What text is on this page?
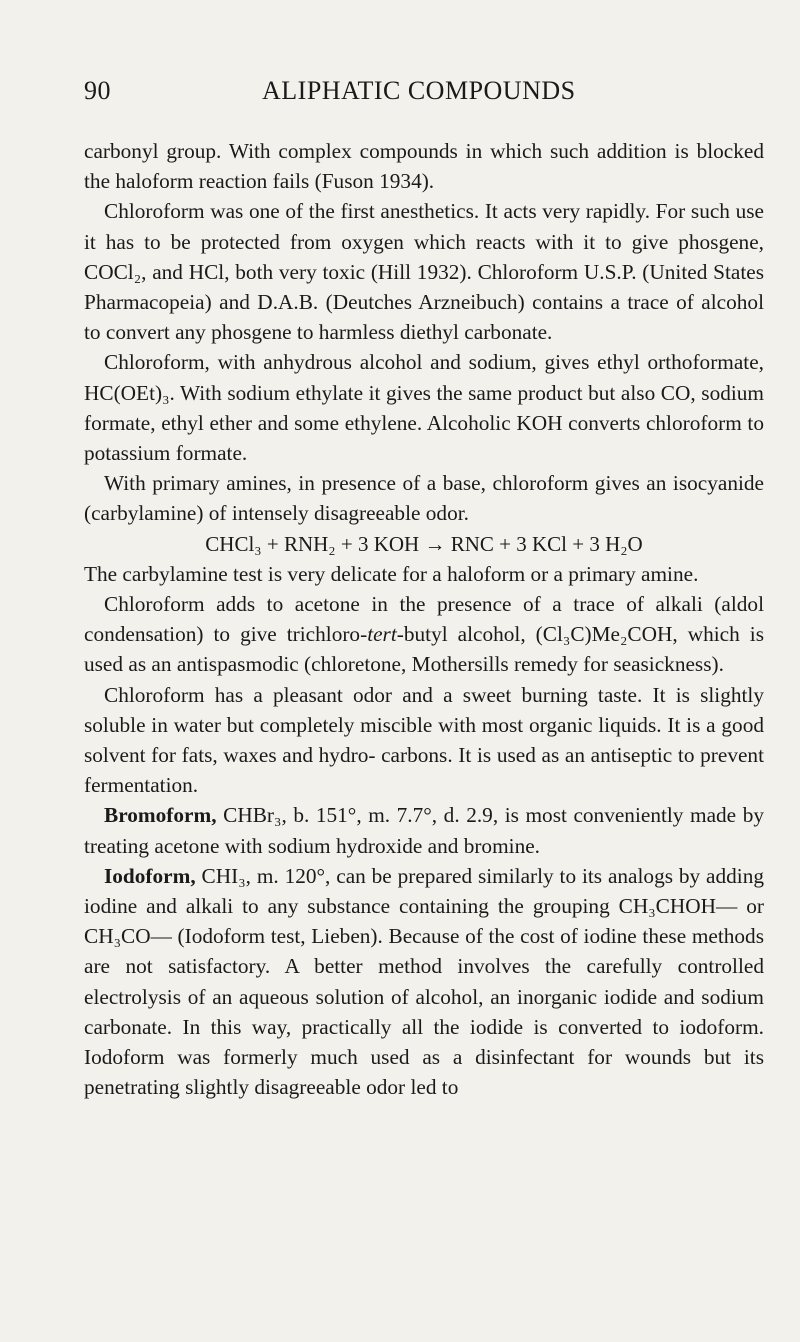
90	ALIPHATIC COMPOUNDS

carbonyl group. With complex compounds in which such addition is blocked the haloform reaction fails (Fuson 1934).

Chloroform was one of the first anesthetics. It acts very rapidly. For such use it has to be protected from oxygen which reacts with it to give phosgene, COCl₂, and HCl, both very toxic (Hill 1932). Chloroform U.S.P. (United States Pharmacopeia) and D.A.B. (Deutches Arzneibuch) contains a trace of alcohol to convert any phosgene to harmless diethyl carbonate.

Chloroform, with anhydrous alcohol and sodium, gives ethyl orthoformate, HC(OEt)₃. With sodium ethylate it gives the same product but also CO, sodium formate, ethyl ether and some ethylene. Alcoholic KOH converts chloroform to potassium formate.

With primary amines, in presence of a base, chloroform gives an isocyanide (carbylamine) of intensely disagreeable odor.

CHCl₃ + RNH₂ + 3 KOH → RNC + 3 KCl + 3 H₂O

The carbylamine test is very delicate for a haloform or a primary amine.

Chloroform adds to acetone in the presence of a trace of alkali (aldol condensation) to give trichloro-tert-butyl alcohol, (Cl₃C)Me₂COH, which is used as an antispasmodic (chloretone, Mothersills remedy for seasickness).

Chloroform has a pleasant odor and a sweet burning taste. It is slightly soluble in water but completely miscible with most organic liquids. It is a good solvent for fats, waxes and hydro- carbons. It is used as an antiseptic to prevent fermentation.

Bromoform, CHBr₃, b. 151°, m. 7.7°, d. 2.9, is most conveniently made by treating acetone with sodium hydroxide and bromine.

Iodoform, CHI₃, m. 120°, can be prepared similarly to its analogs by adding iodine and alkali to any substance containing the grouping CH₃CHOH— or CH₃CO— (Iodoform test, Lieben). Because of the cost of iodine these methods are not satisfactory. A better method involves the carefully controlled electrolysis of an aqueous solution of alcohol, an inorganic iodide and sodium carbonate. In this way, practically all the iodide is converted to iodoform. Iodoform was formerly much used as a disinfectant for wounds but its penetrating slightly disagreeable odor led to
